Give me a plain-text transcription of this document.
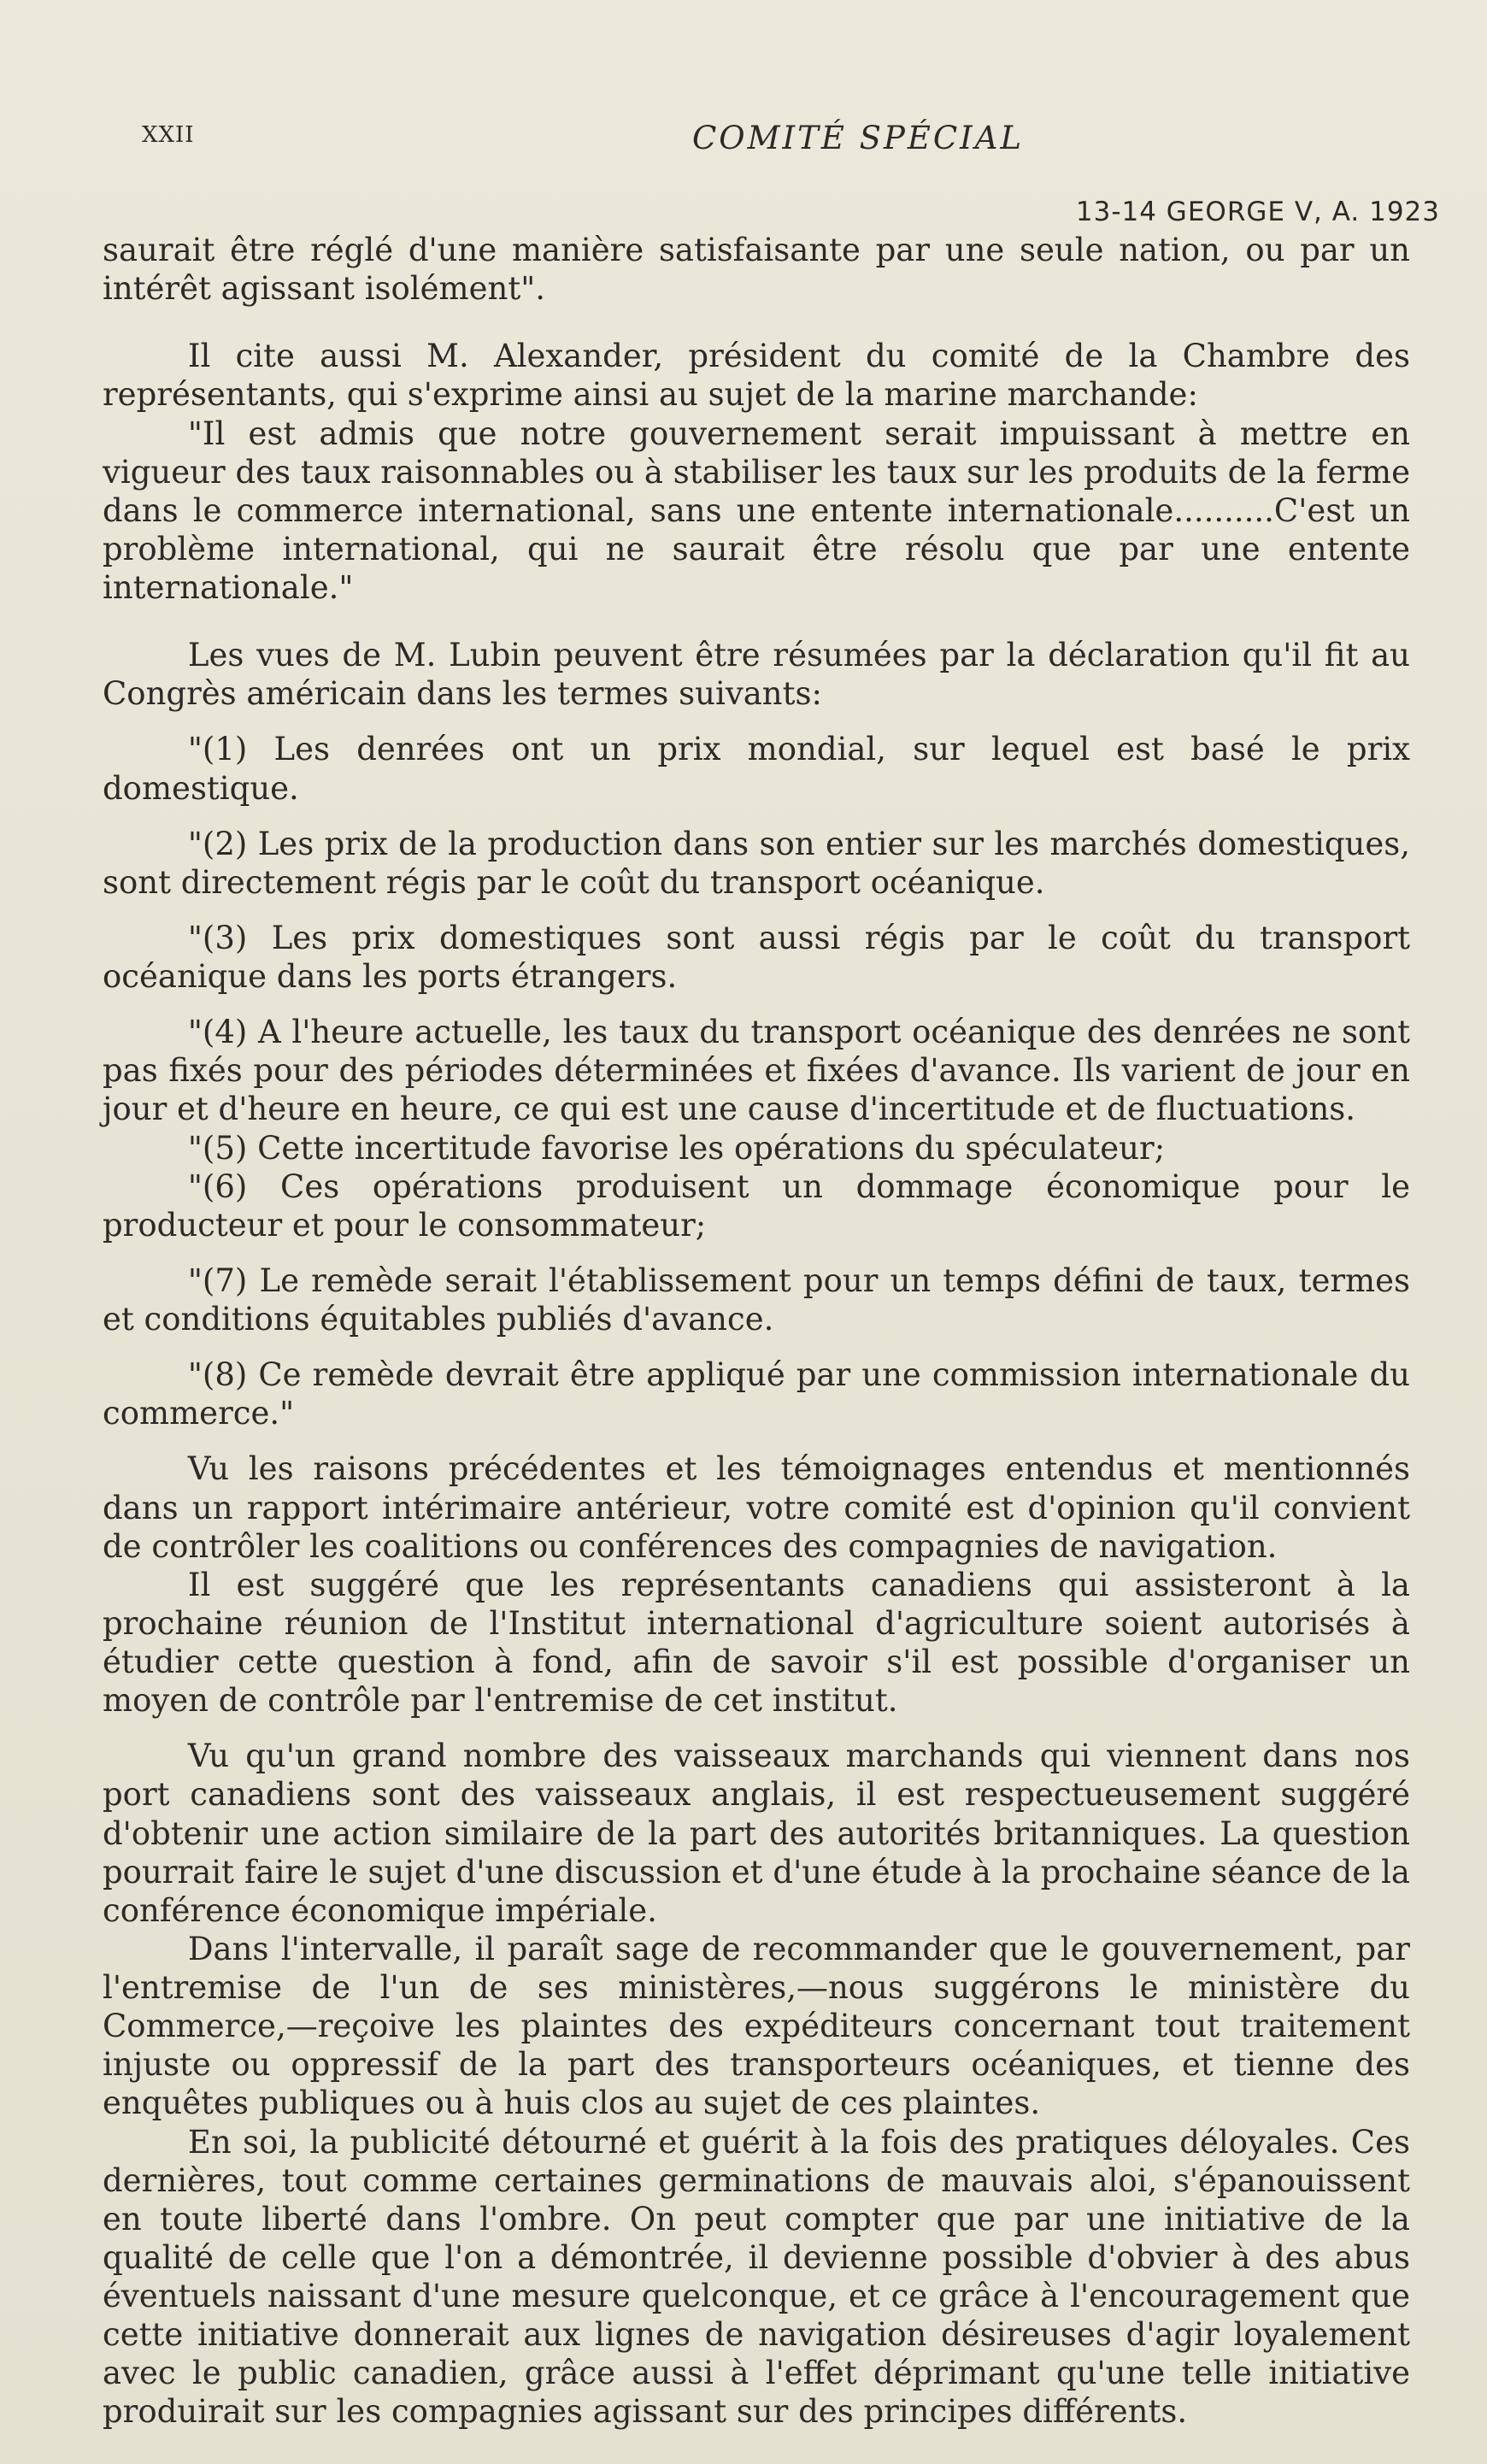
XXII	COMITÉ SPÉCIAL
13-14 GEORGE V, A. 1923

saurait être réglé d'une manière satisfaisante par une seule nation, ou par un intérêt agissant isolément".

Il cite aussi M. Alexander, président du comité de la Chambre des représentants, qui s'exprime ainsi au sujet de la marine marchande:

"Il est admis que notre gouvernement serait impuissant à mettre en vigueur des taux raisonnables ou à stabiliser les taux sur les produits de la ferme dans le commerce international, sans une entente internationale..........C'est un problème international, qui ne saurait être résolu que par une entente internationale."

Les vues de M. Lubin peuvent être résumées par la déclaration qu'il fit au Congrès américain dans les termes suivants:

"(1) Les denrées ont un prix mondial, sur lequel est basé le prix domestique.

"(2) Les prix de la production dans son entier sur les marchés domestiques, sont directement régis par le coût du transport océanique.

"(3) Les prix domestiques sont aussi régis par le coût du transport océanique dans les ports étrangers.

"(4) A l'heure actuelle, les taux du transport océanique des denrées ne sont pas fixés pour des périodes déterminées et fixées d'avance. Ils varient de jour en jour et d'heure en heure, ce qui est une cause d'incertitude et de fluctuations.

"(5) Cette incertitude favorise les opérations du spéculateur;

"(6) Ces opérations produisent un dommage économique pour le producteur et pour le consommateur;

"(7) Le remède serait l'établissement pour un temps défini de taux, termes et conditions équitables publiés d'avance.

"(8) Ce remède devrait être appliqué par une commission internationale du commerce."

Vu les raisons précédentes et les témoignages entendus et mentionnés dans un rapport intérimaire antérieur, votre comité est d'opinion qu'il convient de contrôler les coalitions ou conférences des compagnies de navigation.

Il est suggéré que les représentants canadiens qui assisteront à la prochaine réunion de l'Institut international d'agriculture soient autorisés à étudier cette question à fond, afin de savoir s'il est possible d'organiser un moyen de contrôle par l'entremise de cet institut.

Vu qu'un grand nombre des vaisseaux marchands qui viennent dans nos port canadiens sont des vaisseaux anglais, il est respectueusement suggéré d'obtenir une action similaire de la part des autorités britanniques. La question pourrait faire le sujet d'une discussion et d'une étude à la prochaine séance de la conférence économique impériale.

Dans l'intervalle, il paraît sage de recommander que le gouvernement, par l'entremise de l'un de ses ministères,—nous suggérons le ministère du Commerce,—reçoive les plaintes des expéditeurs concernant tout traitement injuste ou oppressif de la part des transporteurs océaniques, et tienne des enquêtes publiques ou à huis clos au sujet de ces plaintes.

En soi, la publicité détourné et guérit à la fois des pratiques déloyales. Ces dernières, tout comme certaines germinations de mauvais aloi, s'épanouissent en toute liberté dans l'ombre. On peut compter que par une initiative de la qualité de celle que l'on a démontrée, il devienne possible d'obvier à des abus éventuels naissant d'une mesure quelconque, et ce grâce à l'encouragement que cette initiative donnerait aux lignes de navigation désireuses d'agir loyalement avec le public canadien, grâce aussi à l'effet déprimant qu'une telle initiative produirait sur les compagnies agissant sur des principes différents.
